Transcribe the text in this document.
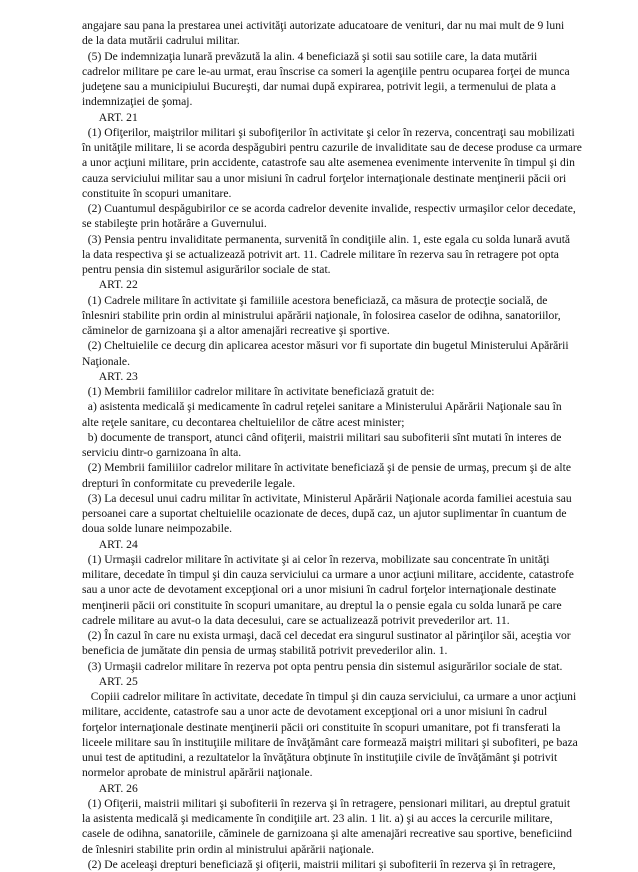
angajare sau pana la prestarea unei activităţi autorizate aducatoare de venituri, dar nu mai mult de 9 luni
de la data mutării cadrului militar.
(5) De indemnizaţia lunară prevăzută la alin. 4 beneficiază şi sotii sau sotiile care, la data mutării
cadrelor militare pe care le-au urmat, erau înscrise ca someri la agenţiile pentru ocuparea forţei de munca
judeţene sau a municipiului Bucureşti, dar numai după expirarea, potrivit legii, a termenului de plata a
indemnizaţiei de şomaj.
ART. 21
(1) Ofiţerilor, maiştrilor militari şi subofiţerilor în activitate şi celor în rezerva, concentraţi sau mobilizati
în unităţile militare, li se acorda despăgubiri pentru cazurile de invaliditate sau de decese produse ca urmare
a unor acţiuni militare, prin accidente, catastrofe sau alte asemenea evenimente intervenite în timpul şi din
cauza serviciului militar sau a unor misiuni în cadrul forţelor internaţionale destinate menţinerii păcii ori
constituite în scopuri umanitare.
(2) Cuantumul despăgubirilor ce se acorda cadrelor devenite invalide, respectiv urmaşilor celor decedate,
se stabileşte prin hotărâre a Guvernului.
(3) Pensia pentru invaliditate permanenta, survenită în condiţiile alin. 1, este egala cu solda lunară avută
la data respectiva şi se actualizează potrivit art. 11. Cadrele militare în rezerva sau în retragere pot opta
pentru pensia din sistemul asigurărilor sociale de stat.
ART. 22
(1) Cadrele militare în activitate şi familiile acestora beneficiază, ca măsura de protecţie socială, de
înlesniri stabilite prin ordin al ministrului apărării naţionale, în folosirea caselor de odihna, sanatoriilor,
căminelor de garnizoana şi a altor amenajări recreative şi sportive.
(2) Cheltuielile ce decurg din aplicarea acestor măsuri vor fi suportate din bugetul Ministerului Apărării
Naţionale.
ART. 23
(1) Membrii familiilor cadrelor militare în activitate beneficiază gratuit de:
a) asistenta medicală şi medicamente în cadrul reţelei sanitare a Ministerului Apărării Naţionale sau în
alte reţele sanitare, cu decontarea cheltuielilor de către acest minister;
b) documente de transport, atunci când ofiţerii, maistrii militari sau subofiterii sînt mutati în interes de
serviciu dintr-o garnizoana în alta.
(2) Membrii familiilor cadrelor militare în activitate beneficiază şi de pensie de urmaş, precum şi de alte
drepturi în conformitate cu prevederile legale.
(3) La decesul unui cadru militar în activitate, Ministerul Apărării Naţionale acorda familiei acestuia sau
persoanei care a suportat cheltuielile ocazionate de deces, după caz, un ajutor suplimentar în cuantum de
doua solde lunare neimpozabile.
ART. 24
(1) Urmaşii cadrelor militare în activitate şi ai celor în rezerva, mobilizate sau concentrate în unităţi
militare, decedate în timpul şi din cauza serviciului ca urmare a unor acţiuni militare, accidente, catastrofe
sau a unor acte de devotament excepţional ori a unor misiuni în cadrul forţelor internaţionale destinate
menţinerii păcii ori constituite în scopuri umanitare, au dreptul la o pensie egala cu solda lunară pe care
cadrele militare au avut-o la data decesului, care se actualizează potrivit prevederilor art. 11.
(2) În cazul în care nu exista urmaşi, dacă cel decedat era singurul sustinator al părinţilor săi, aceştia vor
beneficia de jumătate din pensia de urmaş stabilită potrivit prevederilor alin. 1.
(3) Urmaşii cadrelor militare în rezerva pot opta pentru pensia din sistemul asigurărilor sociale de stat.
ART. 25
Copiii cadrelor militare în activitate, decedate în timpul şi din cauza serviciului, ca urmare a unor acţiuni
militare, accidente, catastrofe sau a unor acte de devotament excepţional ori a unor misiuni în cadrul
forţelor internaţionale destinate menţinerii păcii ori constituite în scopuri umanitare, pot fi transferati la
liceele militare sau în instituţiile militare de învăţământ care formează maiştri militari şi subofiteri, pe baza
unui test de aptitudini, a rezultatelor la învăţătura obţinute în instituţiile civile de învăţământ şi potrivit
normelor aprobate de ministrul apărării naţionale.
ART. 26
(1) Ofiţerii, maistrii militari şi subofiterii în rezerva şi în retragere, pensionari militari, au dreptul gratuit
la asistenta medicală şi medicamente în condiţiile art. 23 alin. 1 lit. a) şi au acces la cercurile militare,
casele de odihna, sanatoriile, căminele de garnizoana şi alte amenajări recreative sau sportive, beneficiind
de înlesniri stabilite prin ordin al ministrului apărării naţionale.
(2) De aceleaşi drepturi beneficiază şi ofiţerii, maistrii militari şi subofiterii în rezerva şi în retragere,
